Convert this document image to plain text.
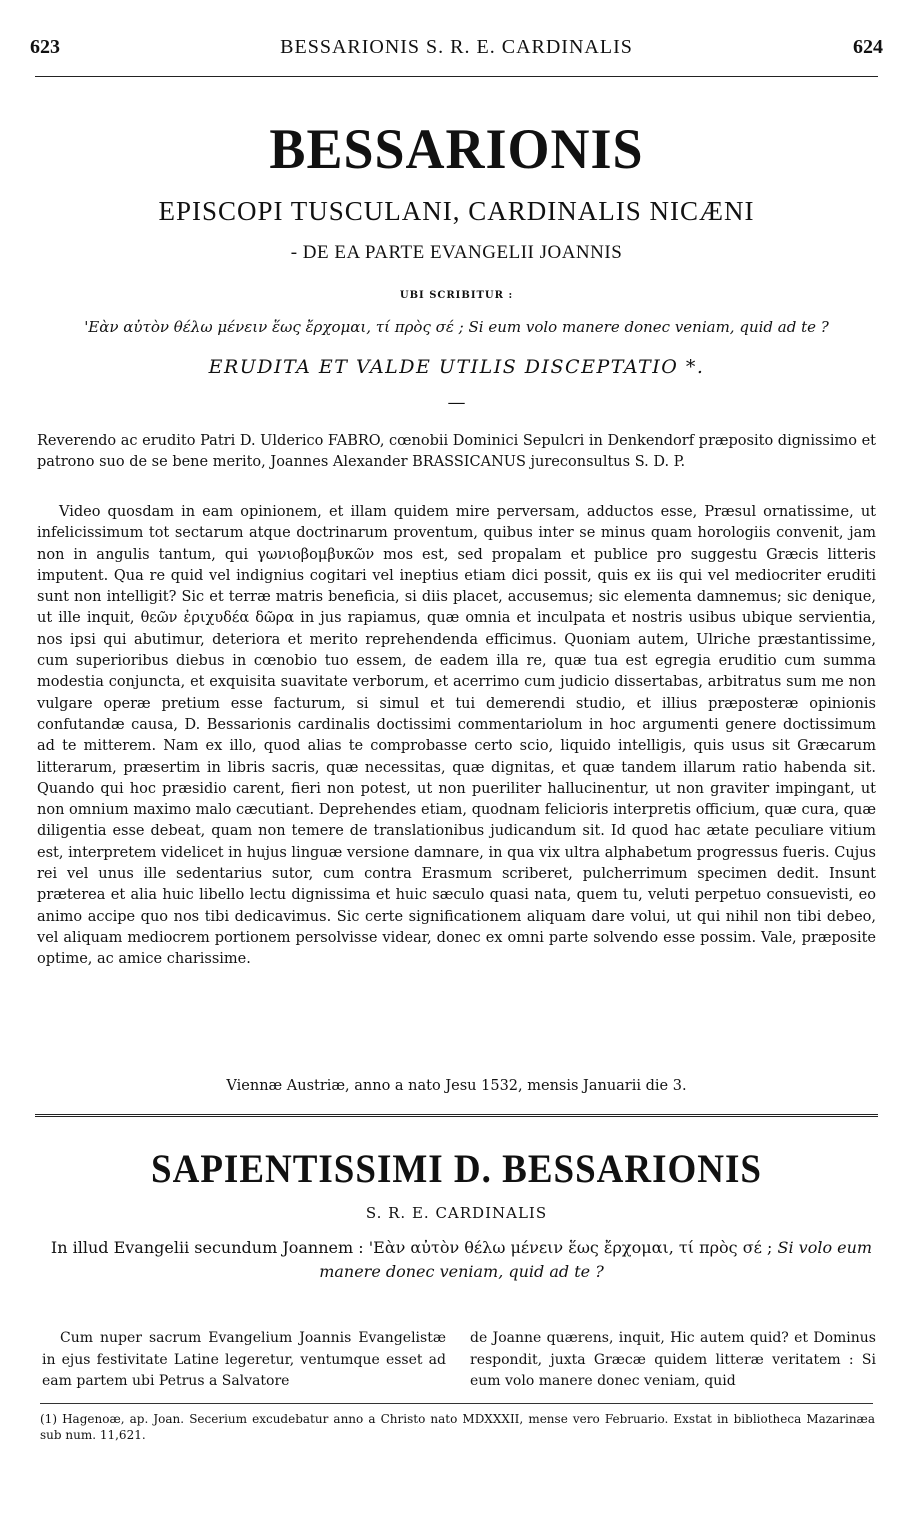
623	BESSARIONIS S. R. E. CARDINALIS	624
BESSARIONIS
EPISCOPI TUSCULANI, CARDINALIS NICÆNI
- DE EA PARTE EVANGELII JOANNIS
UBI SCRIBITUR :
'Εὰν αὐτὸν θέλω μένειν ἕως ἔρχομαι, τί πρὸς σέ ; Si eum volo manere donec veniam, quid ad te ?
ERUDITA ET VALDE UTILIS DISCEPTATIO *.
—
Reverendo ac erudito Patri D. Ulderico FABRO, cœnobii Dominici Sepulcri in Denkendorf præposito dignissimo et patrono suo de se bene merito, Joannes Alexander BRASSICANUS jureconsultus S. D. P.
Video quosdam in eam opinionem, et illam quidem mire perversam, adductos esse, Præsul ornatissime, ut infelicissimum tot sectarum atque doctrinarum proventum, quibus inter se minus quam horologiis convenit, jam non in angulis tantum, qui γωνιοβομβυκῶν mos est, sed propalam et publice pro suggestu Græcis litteris imputent. Qua re quid vel indignius cogitari vel ineptius etiam dici possit, quis ex iis qui vel mediocriter eruditi sunt non intelligit? Sic et terræ matris beneficia, si diis placet, accusemus; sic elementa damnemus; sic denique, ut ille inquit, θεῶν ἐριχυδέα δῶρα in jus rapiamus, quæ omnia et inculpata et nostris usibus ubique servientia, nos ipsi qui abutimur, deteriora et merito reprehendenda efficimus. Quoniam autem, Ulriche præstantissime, cum superioribus diebus in cœnobio tuo essem, de eadem illa re, quæ tua est egregia eruditio cum summa modestia conjuncta, et exquisita suavitate verborum, et acerrimo cum judicio dissertabas, arbitratus sum me non vulgare operæ pretium esse facturum, si simul et tui demerendi studio, et illius præposteræ opinionis confutandæ causa, D. Bessarionis cardinalis doctissimi commentariolum in hoc argumenti genere doctissimum ad te mitterem. Nam ex illo, quod alias te comprobasse certo scio, liquido intelligis, quis usus sit Græcarum litterarum, præsertim in libris sacris, quæ necessitas, quæ dignitas, et quæ tandem illarum ratio habenda sit. Quando qui hoc præsidio carent, fieri non potest, ut non pueriliter hallucinentur, ut non graviter impingant, ut non omnium maximo malo cæcutiant. Deprehendes etiam, quodnam felicioris interpretis officium, quæ cura, quæ diligentia esse debeat, quam non temere de translationibus judicandum sit. Id quod hac ætate peculiare vitium est, interpretem videlicet in hujus linguæ versione damnare, in qua vix ultra alphabetum progressus fueris. Cujus rei vel unus ille sedentarius sutor, cum contra Erasmum scriberet, pulcherrimum specimen dedit. Insunt præterea et alia huic libello lectu dignissima et huic sæculo quasi nata, quem tu, veluti perpetuo consuevisti, eo animo accipe quo nos tibi dedicavimus. Sic certe significationem aliquam dare volui, ut qui nihil non tibi debeo, vel aliquam mediocrem portionem persolvisse videar, donec ex omni parte solvendo esse possim. Vale, præposite optime, ac amice charissime.
Viennæ Austriæ, anno a nato Jesu 1532, mensis Januarii die 3.
SAPIENTISSIMI D. BESSARIONIS
S. R. E. CARDINALIS
In illud Evangelii secundum Joannem : 'Εὰν αὐτὸν θέλω μένειν ἕως ἔρχομαι, τί πρὸς σέ ; Si volo eum manere donec veniam, quid ad te ?
Cum nuper sacrum Evangelium Joannis Evangelistæ in ejus festivitate Latine legeretur, ventumque esset ad eam partem ubi Petrus a Salvatore
de Joanne quærens, inquit, Hic autem quid? et Dominus respondit, juxta Græcæ quidem litteræ veritatem : Si eum volo manere donec veniam, quid
(1) Hagenoæ, ap. Joan. Secerium excudebatur anno a Christo nato MDXXXII, mense vero Februario. Exstat in bibliotheca Mazarinæa sub num. 11,621.
